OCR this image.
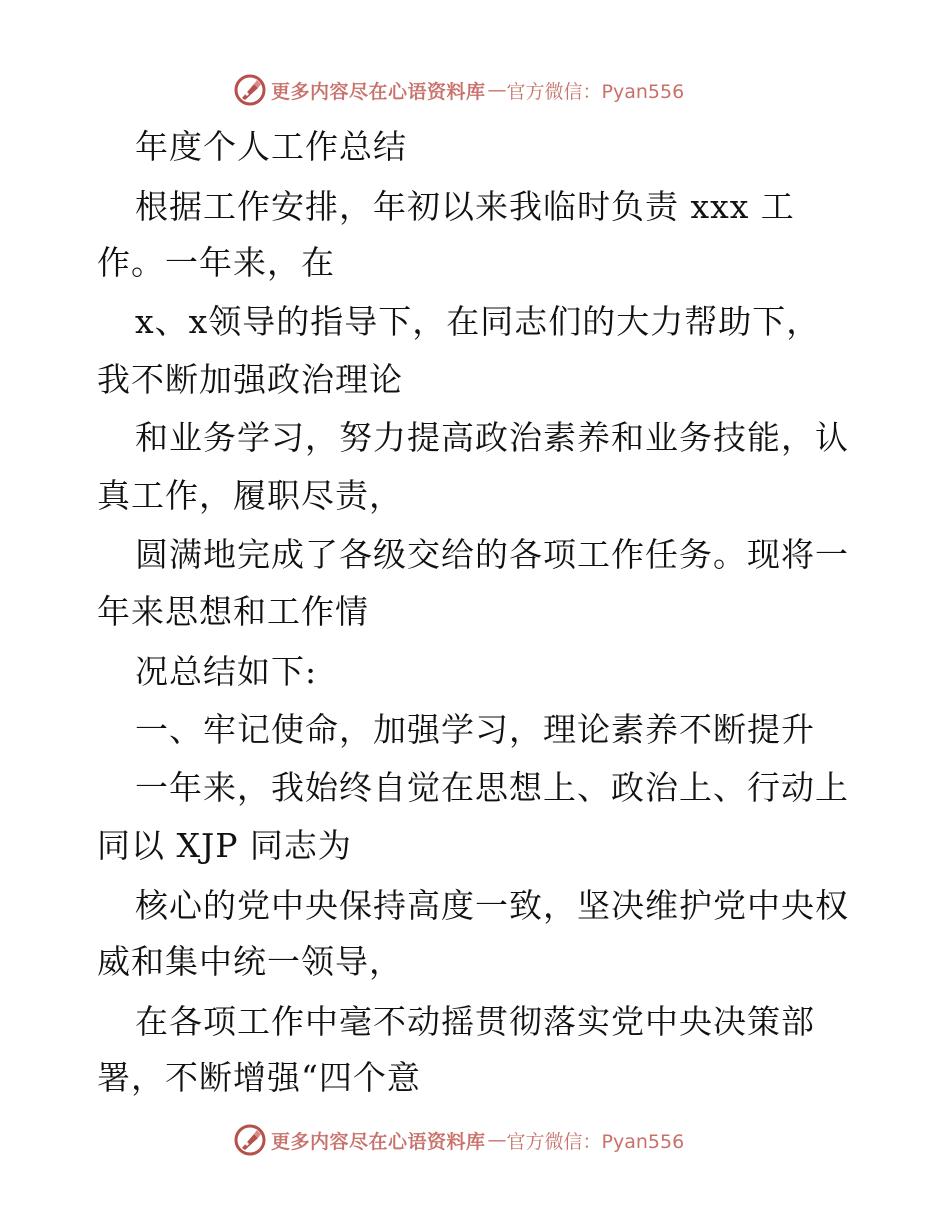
更多内容尽在心语资料库 — 官方微信：Pyan556
年度个人工作总结
根据工作安排，年初以来我临时负责 xxx 工
作。一年来，在
x、x领导的指导下，在同志们的大力帮助下，
我不断加强政治理论
和业务学习，努力提高政治素养和业务技能，认
真工作，履职尽责，
圆满地完成了各级交给的各项工作任务。现将一
年来思想和工作情
况总结如下:
一、牢记使命，加强学习，理论素养不断提升
一年来，我始终自觉在思想上、政治上、行动上
同以 XJP 同志为
核心的党中央保持高度一致，坚决维护党中央权
威和集中统一领导，
在各项工作中毫不动摇贯彻落实党中央决策部
署，不断增强“四个意
更多内容尽在心语资料库 — 官方微信：Pyan556
